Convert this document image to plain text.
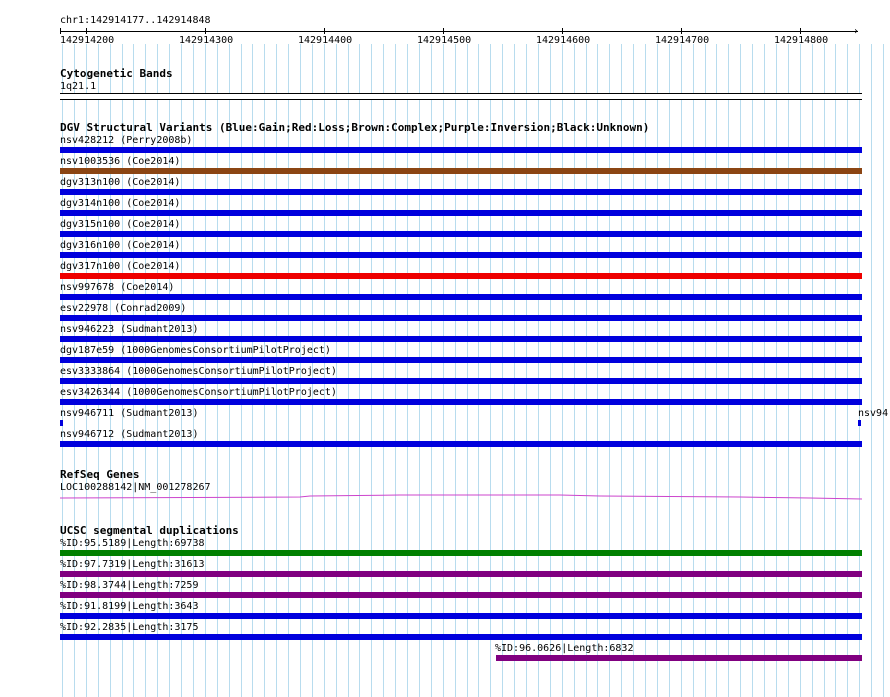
chr1:142914177..142914848
›
142914200	142914300	142914400	142914500	142914600	142914700	142914800
Cytogenetic Bands
1q21.1
DGV Structural Variants (Blue:Gain;Red:Loss;Brown:Complex;Purple:Inversion;Black:Unknown)
nsv428212 (Perry2008b)
nsv1003536 (Coe2014)
dgv313n100 (Coe2014)
dgv314n100 (Coe2014)
dgv315n100 (Coe2014)
dgv316n100 (Coe2014)
dgv317n100 (Coe2014)
nsv997678 (Coe2014)
esv22978 (Conrad2009)
nsv946223 (Sudmant2013)
dgv187e59 (1000GenomesConsortiumPilotProject)
esv3333864 (1000GenomesConsortiumPilotProject)
esv3426344 (1000GenomesConsortiumPilotProject)
nsv946711 (Sudmant2013)	nsv94
nsv946712 (Sudmant2013)
RefSeq Genes
LOC100288142|NM_001278267
UCSC segmental duplications
%ID:95.5189|Length:69738
%ID:97.7319|Length:31613
%ID:98.3744|Length:7259
%ID:91.8199|Length:3643
%ID:92.2835|Length:3175
%ID:96.0626|Length:6832
